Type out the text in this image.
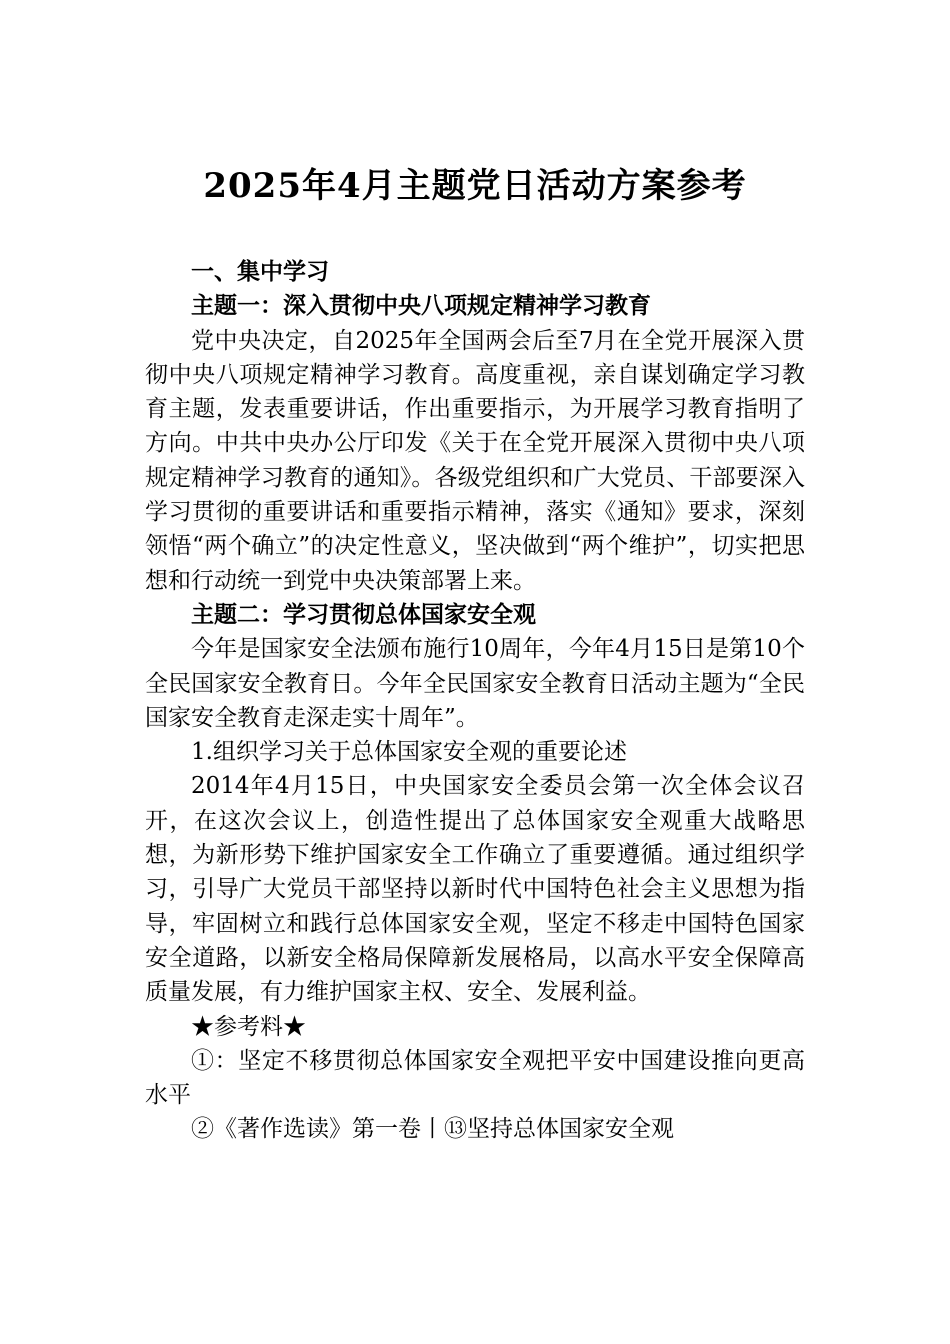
2025年4月主题党日活动方案参考

一、集中学习

主题一：深入贯彻中央八项规定精神学习教育

党中央决定，自2025年全国两会后至7月在全党开展深入贯彻中央八项规定精神学习教育。高度重视，亲自谋划确定学习教育主题，发表重要讲话，作出重要指示，为开展学习教育指明了方向。中共中央办公厅印发《关于在全党开展深入贯彻中央八项规定精神学习教育的通知》。各级党组织和广大党员、干部要深入学习贯彻的重要讲话和重要指示精神，落实《通知》要求，深刻领悟“两个确立”的决定性意义，坚决做到“两个维护”，切实把思想和行动统一到党中央决策部署上来。

主题二：学习贯彻总体国家安全观

今年是国家安全法颁布施行10周年，今年4月15日是第10个全民国家安全教育日。今年全民国家安全教育日活动主题为“全民国家安全教育走深走实十周年”。

1.组织学习关于总体国家安全观的重要论述

2014年4月15日，中央国家安全委员会第一次全体会议召开，在这次会议上，创造性提出了总体国家安全观重大战略思想，为新形势下维护国家安全工作确立了重要遵循。通过组织学习，引导广大党员干部坚持以新时代中国特色社会主义思想为指导，牢固树立和践行总体国家安全观，坚定不移走中国特色国家安全道路，以新安全格局保障新发展格局，以高水平安全保障高质量发展，有力维护国家主权、安全、发展利益。

★参考料★

①：坚定不移贯彻总体国家安全观把平安中国建设推向更高水平

②《著作选读》第一卷丨⑬坚持总体国家安全观
